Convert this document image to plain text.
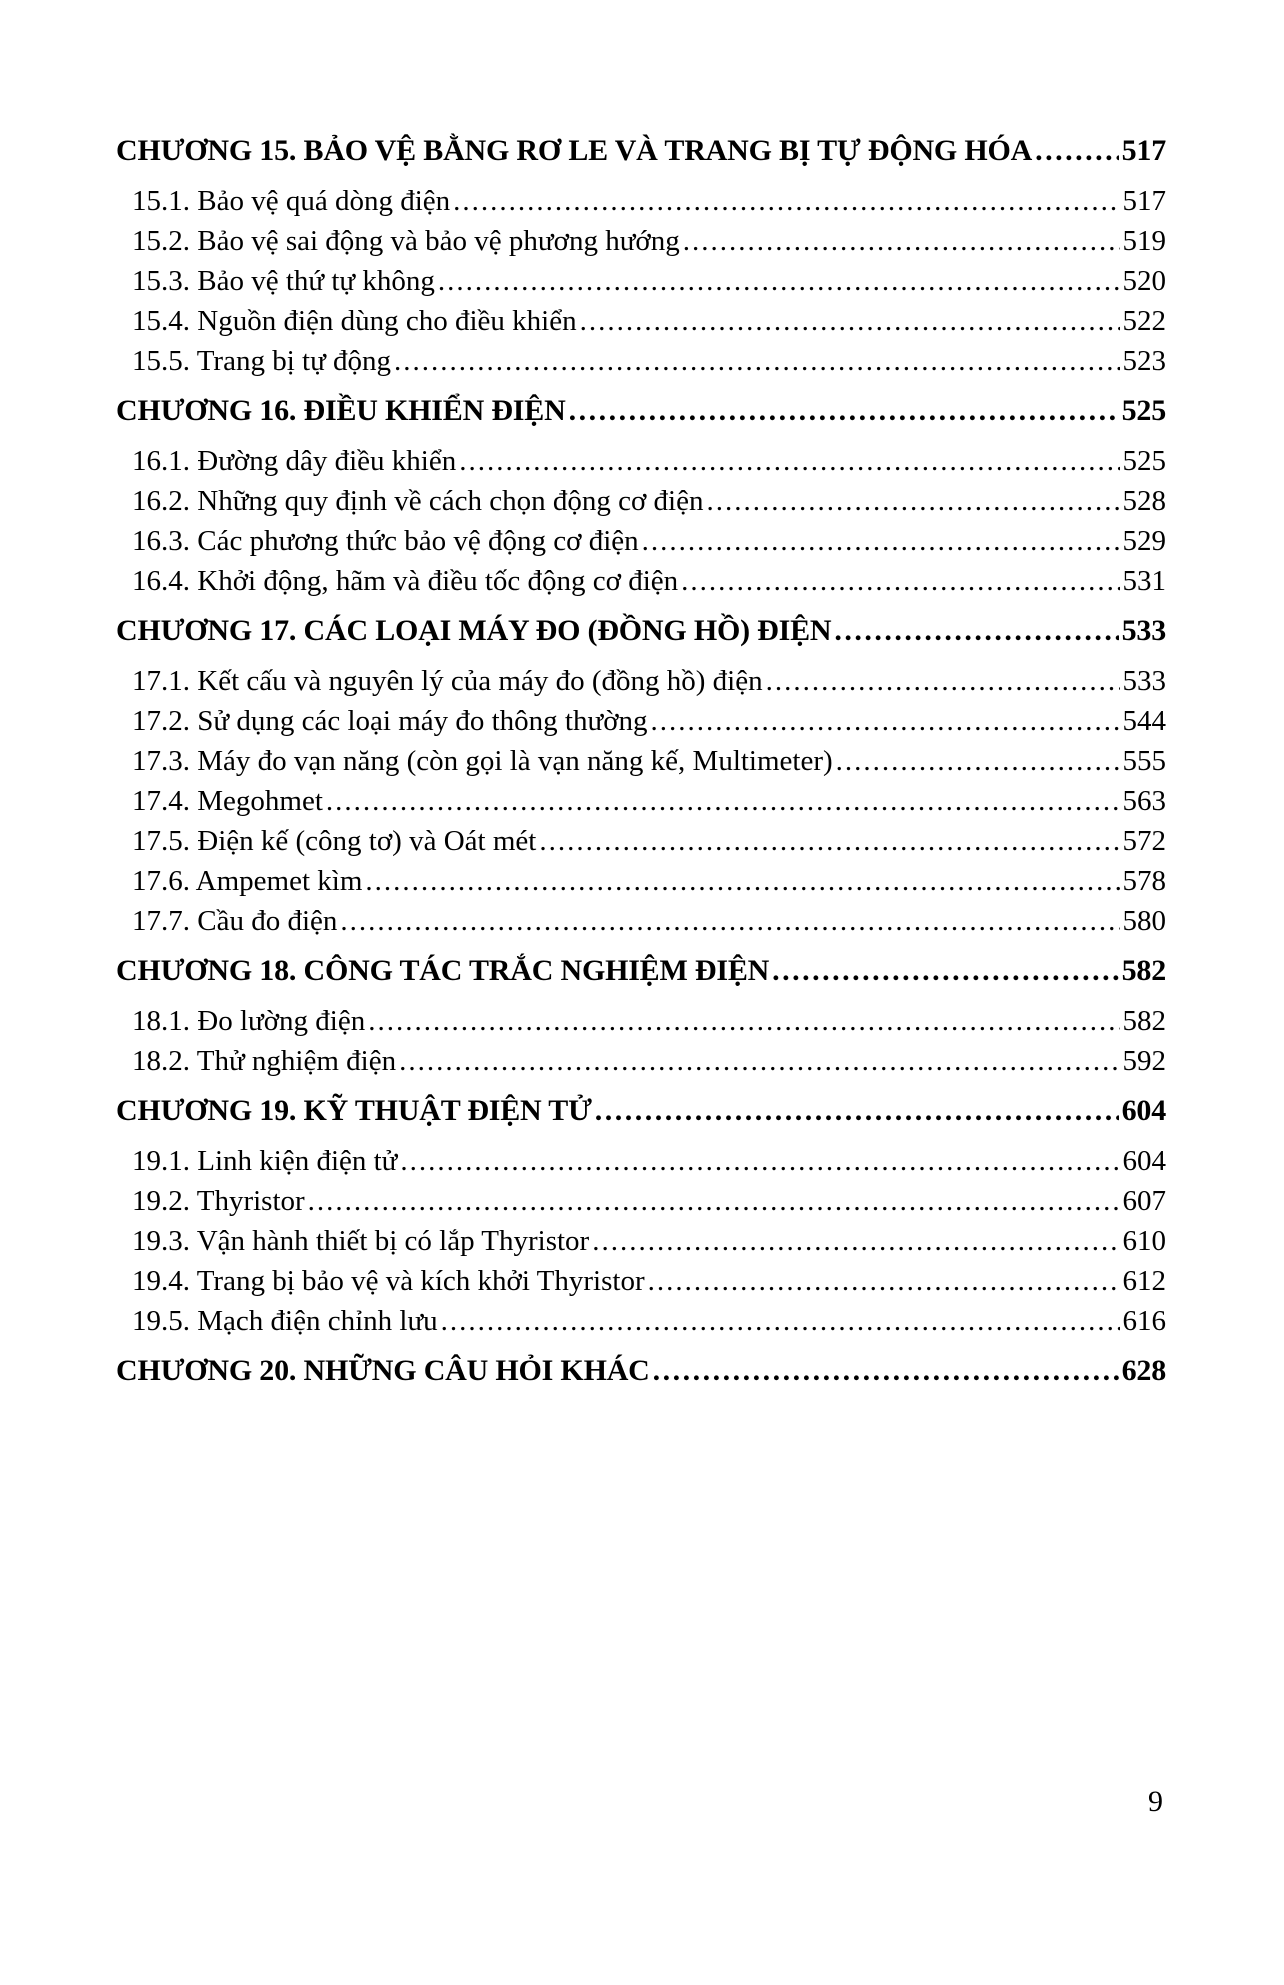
CHƯƠNG 15. BẢO VỆ BẰNG RƠ LE VÀ TRANG BỊ TỰ ĐỘNG HÓA .....	517
15.1. Bảo vệ quá dòng điện .....	517
15.2. Bảo vệ sai động và bảo vệ phương hướng .....	519
15.3. Bảo vệ thứ tự không .....	520
15.4. Nguồn điện dùng cho điều khiển .....	522
15.5. Trang bị tự động .....	523
CHƯƠNG 16. ĐIỀU KHIỂN ĐIỆN .....	525
16.1. Đường dây điều khiển .....	525
16.2. Những quy định về cách chọn động cơ điện .....	528
16.3. Các phương thức bảo vệ động cơ điện .....	529
16.4. Khởi động, hãm và điều tốc động cơ điện .....	531
CHƯƠNG 17. CÁC LOẠI MÁY ĐO (ĐỒNG HỒ) ĐIỆN .....	533
17.1. Kết cấu và nguyên lý của máy đo (đồng hồ) điện .....	533
17.2. Sử dụng các loại máy đo thông thường .....	544
17.3. Máy đo vạn năng (còn gọi là vạn năng kế, Multimeter) .....	555
17.4. Megohmet .....	563
17.5. Điện kế (công tơ) và Oát mét .....	572
17.6. Ampemet kìm .....	578
17.7. Cầu đo điện .....	580
CHƯƠNG 18. CÔNG TÁC TRẮC NGHIỆM ĐIỆN .....	582
18.1. Đo lường điện .....	582
18.2. Thử nghiệm điện .....	592
CHƯƠNG 19. KỸ THUẬT ĐIỆN TỬ .....	604
19.1. Linh kiện điện tử .....	604
19.2. Thyristor .....	607
19.3. Vận hành thiết bị có lắp Thyristor .....	610
19.4. Trang bị bảo vệ và kích khởi Thyristor .....	612
19.5. Mạch điện chỉnh lưu .....	616
CHƯƠNG 20. NHỮNG CÂU HỎI KHÁC .....	628
9
